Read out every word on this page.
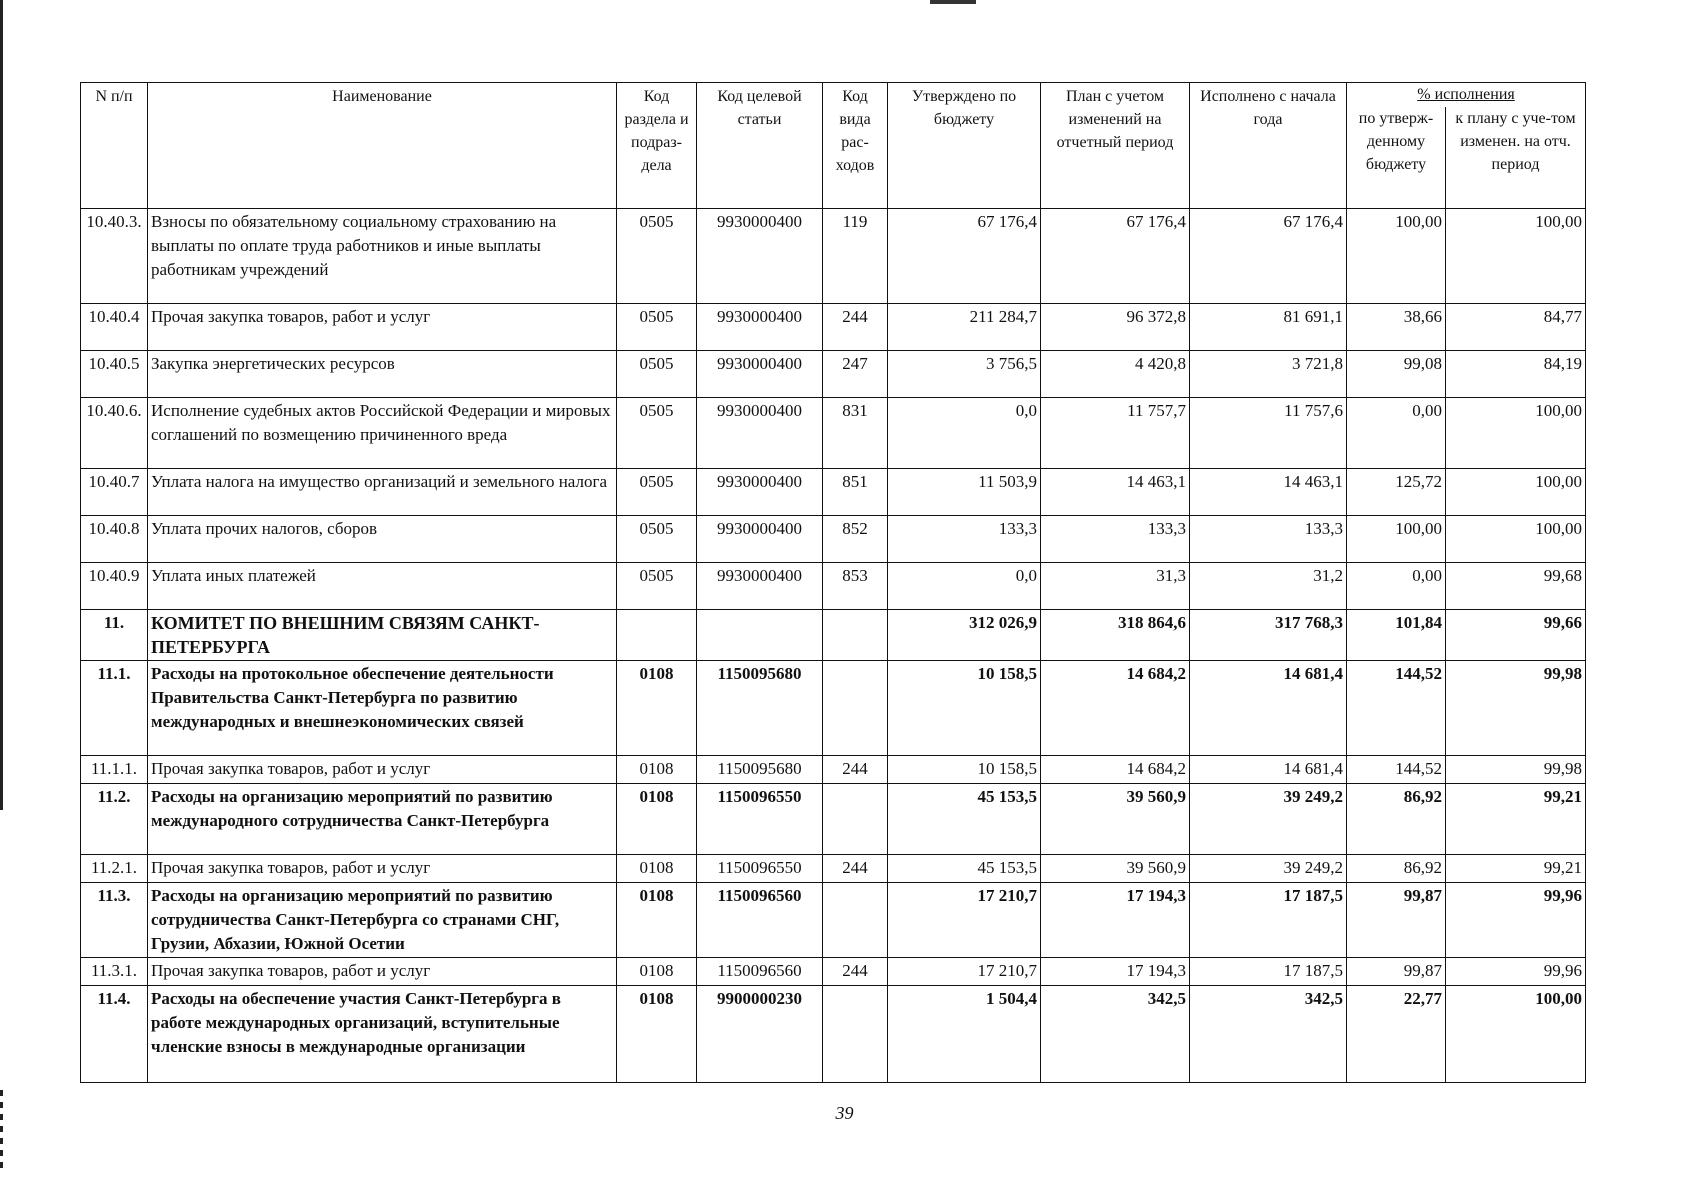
N п/п	Наименование	Код раздела и подраз-дела	Код целевой статьи	Код вида рас-ходов	Утверждено по бюджету	План с учетом изменений на отчетный период	Исполнено с начала года	% исполнения	
								по утверж-денному бюджету	к плану с уче-том изменен. на отч. период
10.40.3.	Взносы по обязательному социальному страхованию на выплаты по оплате труда работников и иные выплаты работникам учреждений	0505	9930000400	119	67 176,4	67 176,4	67 176,4	100,00	100,00
10.40.4	Прочая закупка товаров, работ и услуг	0505	9930000400	244	211 284,7	96 372,8	81 691,1	38,66	84,77
10.40.5	Закупка энергетических ресурсов	0505	9930000400	247	3 756,5	4 420,8	3 721,8	99,08	84,19
10.40.6.	Исполнение судебных актов Российской Федерации и мировых соглашений по возмещению причиненного вреда	0505	9930000400	831	0,0	11 757,7	11 757,6	0,00	100,00
10.40.7	Уплата налога на имущество организаций и земельного налога	0505	9930000400	851	11 503,9	14 463,1	14 463,1	125,72	100,00
10.40.8	Уплата прочих налогов, сборов	0505	9930000400	852	133,3	133,3	133,3	100,00	100,00
10.40.9	Уплата иных платежей	0505	9930000400	853	0,0	31,3	31,2	0,00	99,68
11.	КОМИТЕТ ПО ВНЕШНИМ СВЯЗЯМ САНКТ-ПЕТЕРБУРГА				312 026,9	318 864,6	317 768,3	101,84	99,66
11.1.	Расходы на протокольное обеспечение деятельности Правительства Санкт-Петербурга по развитию международных и внешнеэкономических связей	0108	1150095680		10 158,5	14 684,2	14 681,4	144,52	99,98
11.1.1.	Прочая закупка товаров, работ и услуг	0108	1150095680	244	10 158,5	14 684,2	14 681,4	144,52	99,98
11.2.	Расходы на организацию мероприятий по развитию международного сотрудничества Санкт-Петербурга	0108	1150096550		45 153,5	39 560,9	39 249,2	86,92	99,21
11.2.1.	Прочая закупка товаров, работ и услуг	0108	1150096550	244	45 153,5	39 560,9	39 249,2	86,92	99,21
11.3.	Расходы на организацию мероприятий по развитию сотрудничества Санкт-Петербурга со странами СНГ, Грузии, Абхазии, Южной Осетии	0108	1150096560		17 210,7	17 194,3	17 187,5	99,87	99,96
11.3.1.	Прочая закупка товаров, работ и услуг	0108	1150096560	244	17 210,7	17 194,3	17 187,5	99,87	99,96
11.4.	Расходы на обеспечение участия Санкт-Петербурга в работе международных организаций, вступительные членские взносы в международные организации	0108	9900000230		1 504,4	342,5	342,5	22,77	100,00
39
